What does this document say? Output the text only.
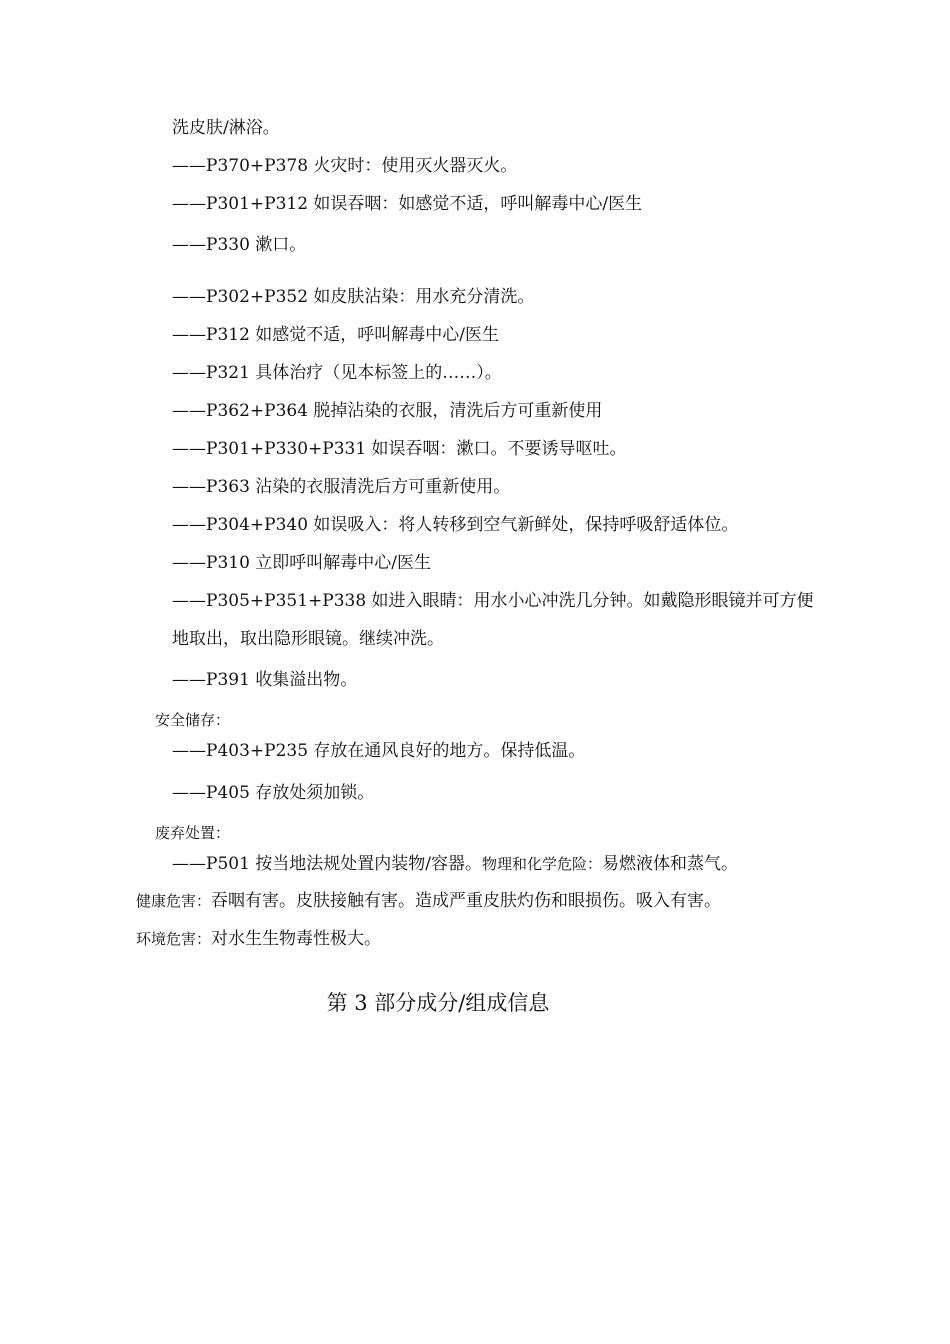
洗皮肤/淋浴。
——P370+P378 火灾时：使用灭火器灭火。
——P301+P312 如误吞咽：如感觉不适，呼叫解毒中心/医生
——P330 漱口。
——P302+P352 如皮肤沾染：用水充分清洗。
——P312 如感觉不适，呼叫解毒中心/医生
——P321 具体治疗（见本标签上的……）。
——P362+P364 脱掉沾染的衣服，清洗后方可重新使用
——P301+P330+P331 如误吞咽：漱口。不要诱导呕吐。
——P363 沾染的衣服清洗后方可重新使用。
——P304+P340 如误吸入：将人转移到空气新鲜处，保持呼吸舒适体位。
——P310 立即呼叫解毒中心/医生
——P305+P351+P338 如进入眼睛：用水小心冲洗几分钟。如戴隐形眼镜并可方便
地取出，取出隐形眼镜。继续冲洗。
——P391 收集溢出物。
安全储存：
——P403+P235 存放在通风良好的地方。保持低温。
——P405 存放处须加锁。
废弃处置：
——P501 按当地法规处置内装物/容器。物理和化学危险：易燃液体和蒸气。
健康危害：吞咽有害。皮肤接触有害。造成严重皮肤灼伤和眼损伤。吸入有害。
环境危害：对水生生物毒性极大。
第 3 部分成分/组成信息
